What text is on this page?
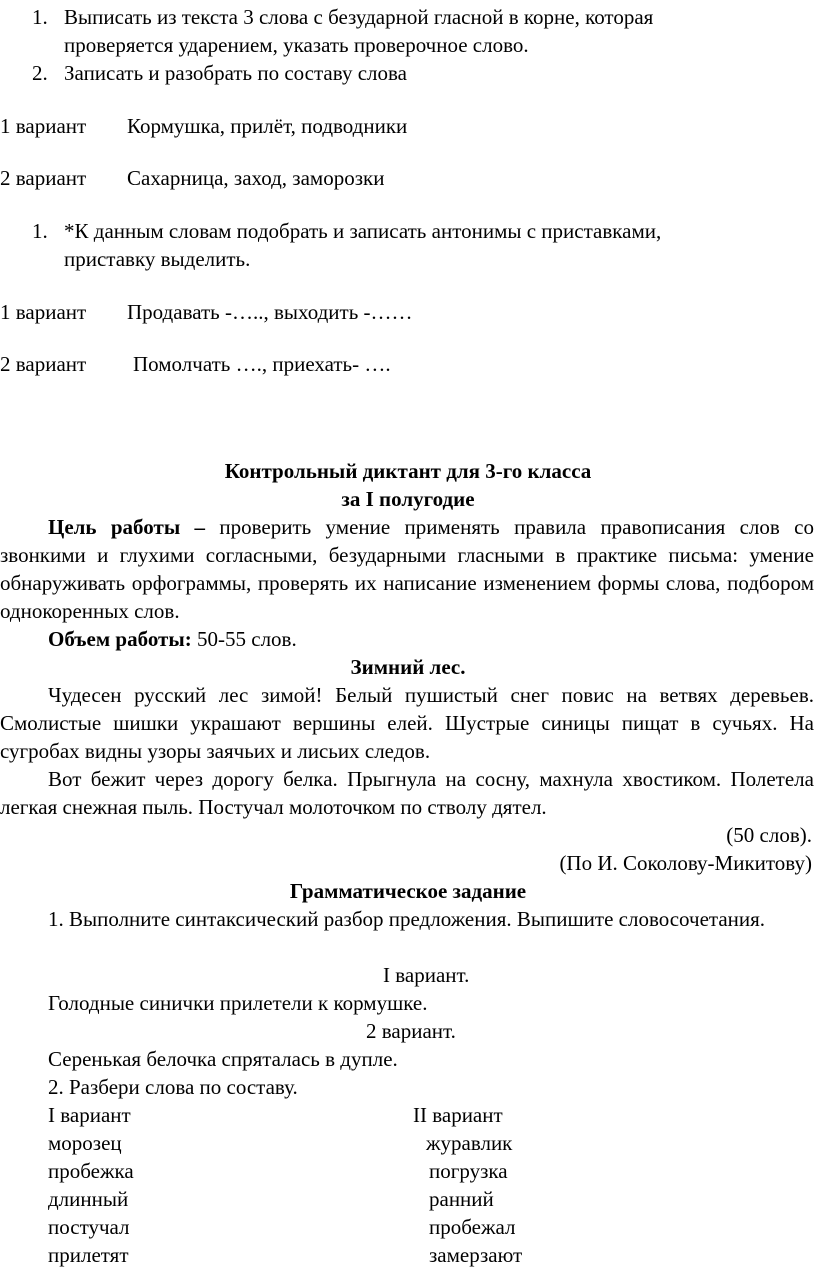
1. Выписать из текста 3 слова с безударной гласной в корне, которая
проверяется ударением, указать проверочное слово.
2. Записать и разобрать по составу слова
1 вариант Кормушка, прилёт, подводники
2 вариант Сахарница, заход, заморозки
1. *К данным словам подобрать и записать антонимы с приставками,
приставку выделить.
1 вариант Продавать -….., выходить -……
2 вариант Помолчать …., приехать- ….
Контрольный диктант для 3-го класса
за I полугодие
Цель работы – проверить умение применять правила правописания слов со звонкими и глухими согласными, безударными гласными в практике письма: умение обнаруживать орфограммы, проверять их написание изменением формы слова, подбором однокоренных слов.
Объем работы: 50-55 слов.
Зимний лес.
Чудесен русский лес зимой! Белый пушистый снег повис на ветвях деревьев. Смолистые шишки украшают вершины елей. Шустрые синицы пищат в сучьях. На сугробах видны узоры заячьих и лисьих следов.
Вот бежит через дорогу белка. Прыгнула на сосну, махнула хвостиком. Полетела легкая снежная пыль. Постучал молоточком по стволу дятел.
(50 слов).
(По И. Соколову-Микитову)
Грамматическое задание
1. Выполните синтаксический разбор предложения. Выпишите словосочетания.
I вариант.
Голодные синички прилетели к кормушке.
2 вариант.
Серенькая белочка спряталась в дупле.
2. Разбери слова по составу.
I вариант	II вариант
морозец
пробежка
длинный
постучал
прилетят
журавлик
погрузка
ранний
пробежал
замерзают
